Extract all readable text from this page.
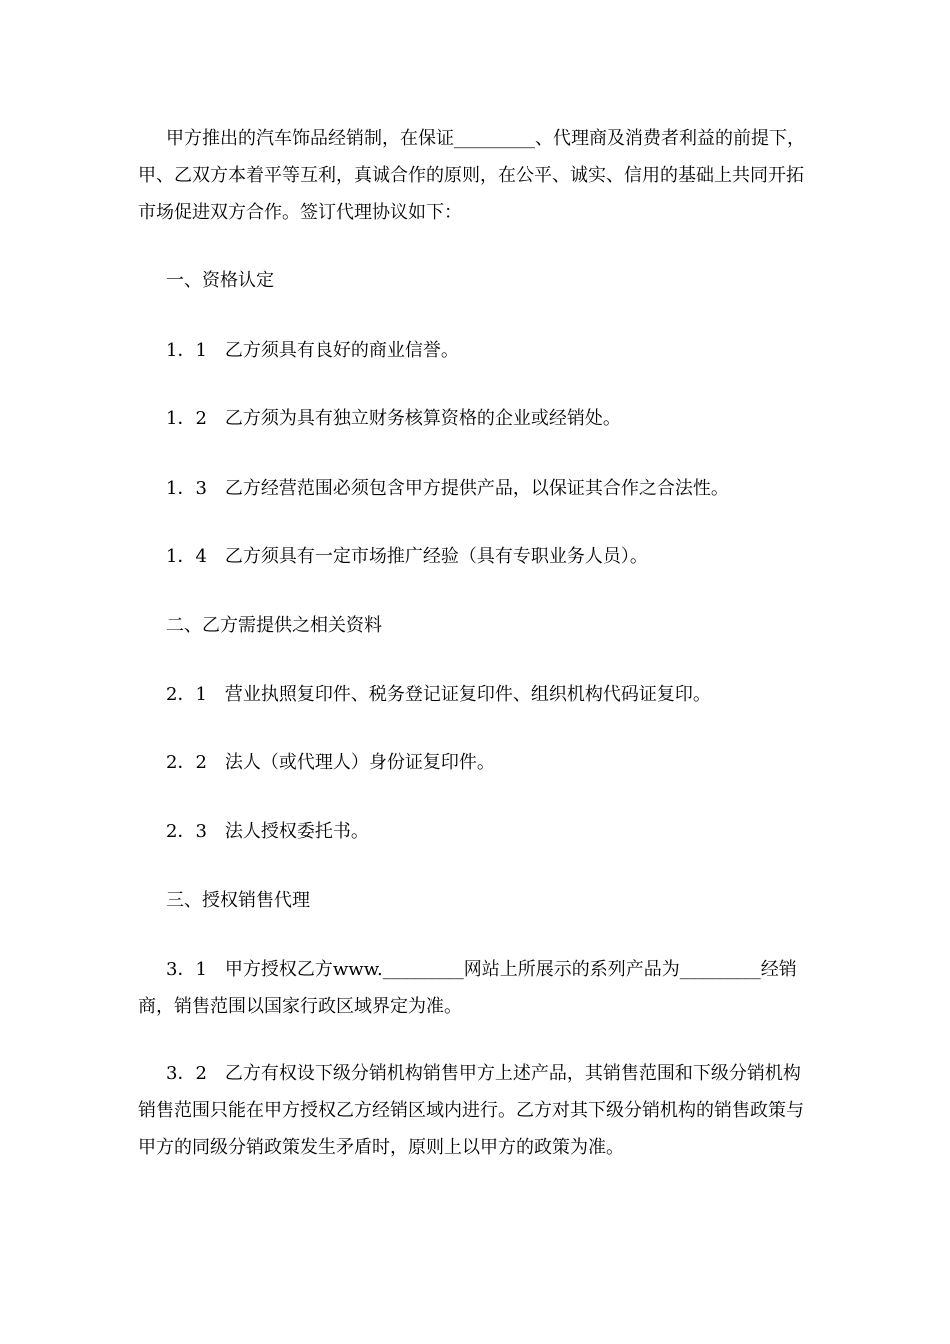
甲方推出的汽车饰品经销制，在保证_________、代理商及消费者利益的前提下，甲、乙双方本着平等互利，真诚合作的原则，在公平、诚实、信用的基础上共同开拓市场促进双方合作。签订代理协议如下：

一、资格认定

1．1　乙方须具有良好的商业信誉。

1．2　乙方须为具有独立财务核算资格的企业或经销处。

1．3　乙方经营范围必须包含甲方提供产品，以保证其合作之合法性。

1．4　乙方须具有一定市场推广经验（具有专职业务人员）。

二、乙方需提供之相关资料

2．1　营业执照复印件、税务登记证复印件、组织机构代码证复印。

2．2　法人（或代理人）身份证复印件。

2．3　法人授权委托书。

三、授权销售代理

3．1　甲方授权乙方www._________网站上所展示的系列产品为_________经销商，销售范围以国家行政区域界定为准。

3．2　乙方有权设下级分销机构销售甲方上述产品，其销售范围和下级分销机构销售范围只能在甲方授权乙方经销区域内进行。乙方对其下级分销机构的销售政策与甲方的同级分销政策发生矛盾时，原则上以甲方的政策为准。
